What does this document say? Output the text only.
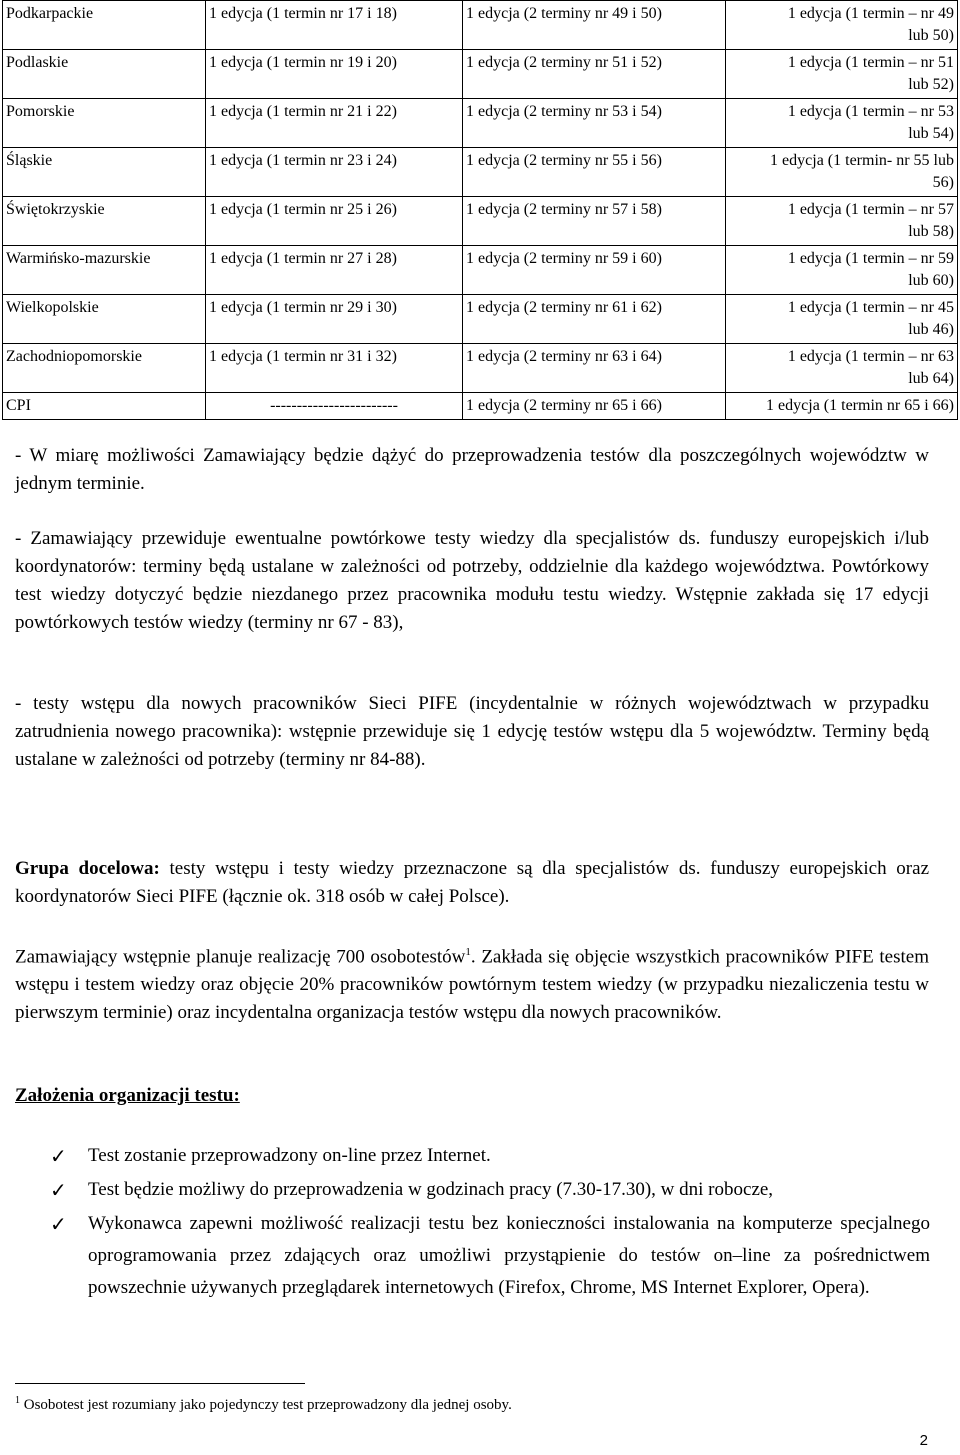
Podkarpackie	1 edycja (1 termin nr 17 i 18)	1 edycja (2 terminy nr 49 i 50)	1 edycja (1 termin – nr 49
lub 50)

Podlaskie	1 edycja (1 termin nr 19 i 20)	1 edycja (2 terminy nr 51 i 52)	1 edycja (1 termin – nr 51
lub 52)

Pomorskie	1 edycja (1 termin nr 21 i 22)	1 edycja (2 terminy nr 53 i 54)	1 edycja (1 termin – nr 53
lub 54)

Śląskie	1 edycja (1 termin nr 23 i 24)	1 edycja (2 terminy nr 55 i 56)	1 edycja (1 termin- nr 55 lub
56)

Świętokrzyskie	1 edycja (1 termin nr 25 i 26)	1 edycja (2 terminy nr 57 i 58)	1 edycja (1 termin – nr 57
lub 58)

Warmińsko-mazurskie	1 edycja (1 termin nr 27 i 28)	1 edycja (2 terminy nr 59 i 60)	1 edycja (1 termin – nr 59
lub 60)

Wielkopolskie	1 edycja (1 termin nr 29 i 30)	1 edycja (2 terminy nr 61 i 62)	1 edycja (1 termin – nr 45
lub 46)

Zachodniopomorskie	1 edycja (1 termin nr 31 i 32)	1 edycja (2 terminy nr 63 i 64)	1 edycja (1 termin – nr 63
lub 64)

CPI	------------------------	1 edycja (2 terminy nr 65 i 66)	1 edycja (1 termin nr 65 i 66)

- W miarę możliwości Zamawiający będzie dążyć do przeprowadzenia testów dla poszczególnych województw w jednym terminie.

- Zamawiający przewiduje ewentualne powtórkowe testy wiedzy dla specjalistów ds. funduszy europejskich i/lub koordynatorów: terminy będą ustalane w zależności od potrzeby, oddzielnie dla każdego województwa. Powtórkowy test wiedzy dotyczyć będzie niezdanego przez pracownika modułu testu wiedzy. Wstępnie zakłada się 17 edycji powtórkowych testów wiedzy (terminy nr 67 - 83),

- testy wstępu dla nowych pracowników Sieci PIFE (incydentalnie w różnych województwach w przypadku zatrudnienia nowego pracownika): wstępnie przewiduje się 1 edycję testów wstępu dla 5 województw. Terminy będą ustalane w zależności od potrzeby (terminy nr 84-88).

Grupa docelowa: testy wstępu i testy wiedzy przeznaczone są dla specjalistów ds. funduszy europejskich oraz koordynatorów Sieci PIFE (łącznie ok. 318 osób w całej Polsce).

Zamawiający wstępnie planuje realizację 700 osobotestów$^1$. Zakłada się objęcie wszystkich pracowników PIFE testem wstępu i testem wiedzy oraz objęcie 20% pracowników powtórnym testem wiedzy (w przypadku niezaliczenia testu w pierwszym terminie) oraz incydentalna organizacja testów wstępu dla nowych pracowników.

Założenia organizacji testu:

✓ Test zostanie przeprowadzony on-line przez Internet.
✓ Test będzie możliwy do przeprowadzenia w godzinach pracy (7.30-17.30), w dni robocze,
✓ Wykonawca zapewni możliwość realizacji testu bez konieczności instalowania na komputerze specjalnego oprogramowania przez zdających oraz umożliwi przystąpienie do testów on–line za pośrednictwem powszechnie używanych przeglądarek internetowych (Firefox, Chrome, MS Internet Explorer, Opera).
$^1$ Osobotest jest rozumiany jako pojedynczy test przeprowadzony dla jednej osoby.
2
